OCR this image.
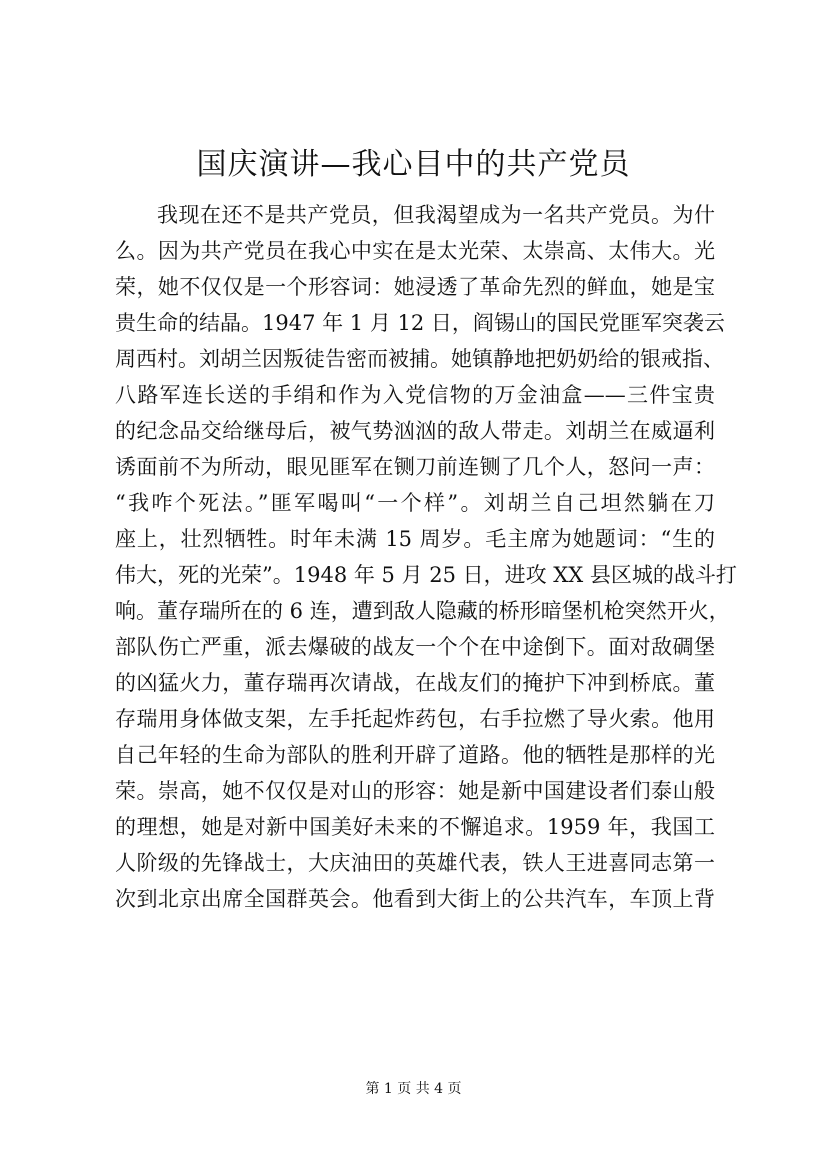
国庆演讲—我心目中的共产党员
我现在还不是共产党员，但我渴望成为一名共产党员。为什
么。因为共产党员在我心中实在是太光荣、太崇高、太伟大。光
荣，她不仅仅是一个形容词：她浸透了革命先烈的鲜血，她是宝
贵生命的结晶。1947 年 1 月 12 日，阎锡山的国民党匪军突袭云
周西村。刘胡兰因叛徒告密而被捕。她镇静地把奶奶给的银戒指、
八路军连长送的手绢和作为入党信物的万金油盒——三件宝贵
的纪念品交给继母后，被气势汹汹的敌人带走。刘胡兰在威逼利
诱面前不为所动，眼见匪军在铡刀前连铡了几个人，怒问一声：
“我咋个死法。”匪军喝叫“一个样”。刘胡兰自己坦然躺在刀
座上，壮烈牺牲。时年未满 15 周岁。毛主席为她题词：“生的
伟大，死的光荣”。1948 年 5 月 25 日，进攻 XX 县区城的战斗打
响。董存瑞所在的 6 连，遭到敌人隐藏的桥形暗堡机枪突然开火，
部队伤亡严重，派去爆破的战友一个个在中途倒下。面对敌碉堡
的凶猛火力，董存瑞再次请战，在战友们的掩护下冲到桥底。董
存瑞用身体做支架，左手托起炸药包，右手拉燃了导火索。他用
自己年轻的生命为部队的胜利开辟了道路。他的牺牲是那样的光
荣。崇高，她不仅仅是对山的形容：她是新中国建设者们泰山般
的理想，她是对新中国美好未来的不懈追求。1959 年，我国工
人阶级的先锋战士，大庆油田的英雄代表，铁人王进喜同志第一
次到北京出席全国群英会。他看到大街上的公共汽车，车顶上背
第 1 页 共 4 页
